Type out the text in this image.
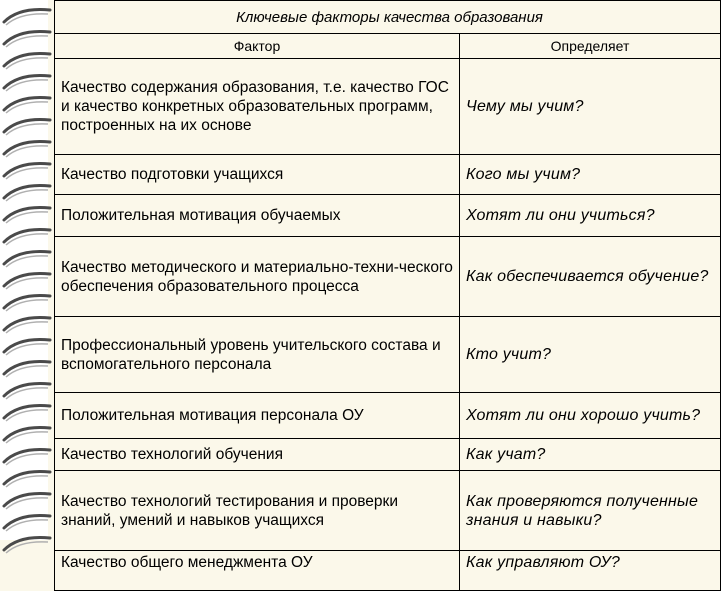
Ключевые факторы качества образования	
Фактор	Определяет
Качество содержания образования, т.е. качество ГОС и качество конкретных образовательных программ, построенных на их основе	Чему мы учим?
Качество подготовки учащихся	Кого мы учим?
Положительная мотивация обучаемых	Хотят ли они учиться?
Качество методического и материально-техни-ческого обеспечения образовательного процесса	Как обеспечивается обучение?
Профессиональный уровень учительского состава и вспомогательного персонала	Кто учит?
Положительная мотивация персонала ОУ	Хотят ли они хорошо учить?
Качество технологий обучения	Как учат?
Качество технологий тестирования и проверки знаний, умений и навыков учащихся	Как проверяются полученные знания и навыки?
Качество общего менеджмента ОУ	Как управляют ОУ?
